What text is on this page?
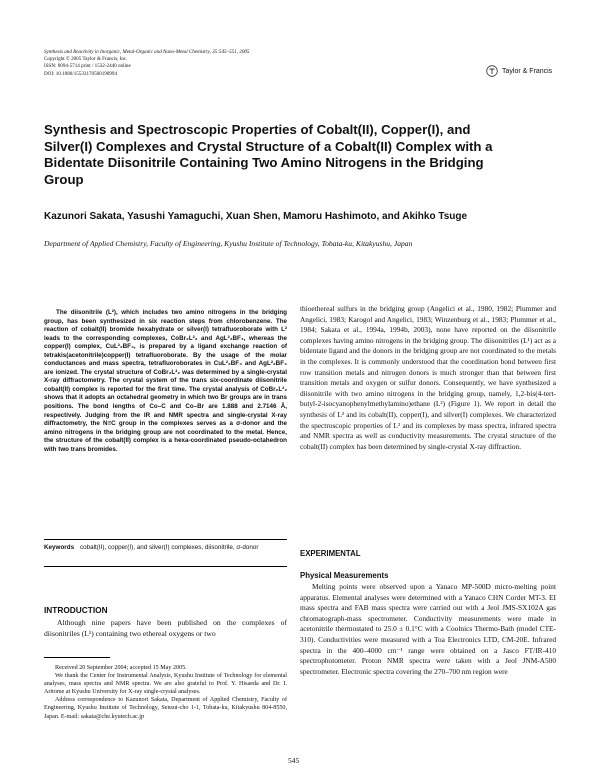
Synthesis and Reactivity in Inorganic, Metal-Organic and Nano-Metal Chemistry, 35:545–551, 2005
Copyright © 2005 Taylor & Francis, Inc.
ISSN: 0094-5714 print / 1532-2440 online
DOI: 10.1080/15533170500198994	Taylor & Francis
Synthesis and Spectroscopic Properties of Cobalt(II), Copper(I), and Silver(I) Complexes and Crystal Structure of a Cobalt(II) Complex with a Bidentate Diisonitrile Containing Two Amino Nitrogens in the Bridging Group
Kazunori Sakata, Yasushi Yamaguchi, Xuan Shen, Mamoru Hashimoto, and Akihko Tsuge
Department of Applied Chemistry, Faculty of Engineering, Kyushu Institute of Technology, Tobata-ku, Kitakyushu, Japan
The diisonitrile (L²), which includes two amino nitrogens in the bridging group, has been synthesized in six reaction steps from chlorobenzene. The reaction of cobalt(II) bromide hexahydrate or silver(I) tetrafluoroborate with L² leads to the corresponding complexes, CoBr₂L²₂ and AgL²₂BF₄, whereas the copper(I) complex, CuL²₂BF₄, is prepared by a ligand exchange reaction of tetrakis(acetonitrile)copper(I) tetrafluoroborate. By the usage of the molar conductances and mass spectra, tetrafluoroborates in CuL²₂BF₄ and AgL²₂BF₄ are ionized. The crystal structure of CoBr₂L²₂ was determined by a single-crystal X-ray diffractometry. The crystal system of the trans six-coordinate diisonitrile cobalt(II) complex is reported for the first time. The crystal analysis of CoBr₂L²₂ shows that it adopts an octahedral geometry in which two Br groups are in trans positions. The bond lengths of Co–C and Co–Br are 1.888 and 2.7146 Å, respectively. Judging from the IR and NMR spectra and single-crystal X-ray diffractometry, the N≡C group in the complexes serves as a σ-donor and the amino nitrogens in the bridging group are not coordinated to the metal. Hence, the structure of the cobalt(II) complex is a hexa-coordinated pseudo-octahedron with two trans bromides.
Keywords cobalt(II), copper(I), and silver(I) complexes, diisonitrile, σ-donor
INTRODUCTION
Although nine papers have been published on the complexes of diisonitriles (L¹) containing two ethereal oxygens or two

Received 20 September 2004; accepted 15 May 2005.

We thank the Center for Instrumental Analysis, Kyushu Institute of Technology for elemental analyses, mass spectra and NMR spectra. We are also grateful to Prof. Y. Hisaeda and Dr. I. Aritome at Kyushu University for X-ray single-crystal analyses.

Address correspondence to Kazunori Sakata, Department of Applied Chemistry, Faculty of Engineering, Kyushu Institute of Technology, Sensui-cho 1-1, Tobata-ku, Kitakyushu 804-8550, Japan. E-mail: sakata@che.kyutech.ac.jp

thioethereal sulfurs in the bridging group (Angelici et al., 1980, 1982; Plummer and Angelici, 1983; Karogol and Angelici, 1983; Winzenburg et al., 1983; Plummer et al., 1984; Sakata et al., 1994a, 1994b, 2003), none have reported on the diisonitrile complexes having amino nitrogens in the bridging group. The diisonitriles (L¹) act as a bidentate ligand and the donors in the bridging group are not coordinated to the metals in the complexes. It is commonly understood that the coordination bond between first row transition metals and nitrogen donors is much stronger than that between first transition metals and oxygen or sulfur donors. Consequently, we have synthesized a diisonitrile with two amino nitrogens in the bridging group, namely, 1,2-bis(4-tert-butyl-2-isocyanophenylmethylamino)ethane (L²) (Figure 1). We report in detail the synthesis of L² and its cobalt(II), copper(I), and silver(I) complexes. We characterized the spectroscopic properties of L² and its complexes by mass spectra, infrared spectra and NMR spectra as well as conductivity measurements. The crystal structure of the cobalt(II) complex has been determined by single-crystal X-ray diffraction.
EXPERIMENTAL
Physical Measurements
Melting points were observed upon a Yanaco MP-500D micro-melting point apparatus. Elemental analyses were determined with a Yanaco CHN Corder MT-3. EI mass spectra and FAB mass spectra were carried out with a Jeol JMS-SX102A gas chromatograph-mass spectrometer. Conductivity measurements were made in acetonitrile thermostated to 25.0 ± 0.1°C with a Coolnics Thermo-Bath (model CTE-310). Conductivities were measured with a Toa Electronics LTD, CM-20E. Infrared spectra in the 400–4000 cm⁻¹ range were obtained on a Jasco FT/IR-410 spectrophotometer. Proton NMR spectra were taken with a Jeol JNM-A500 spectrometer. Electronic spectra covering the 270–700 nm region were
545
